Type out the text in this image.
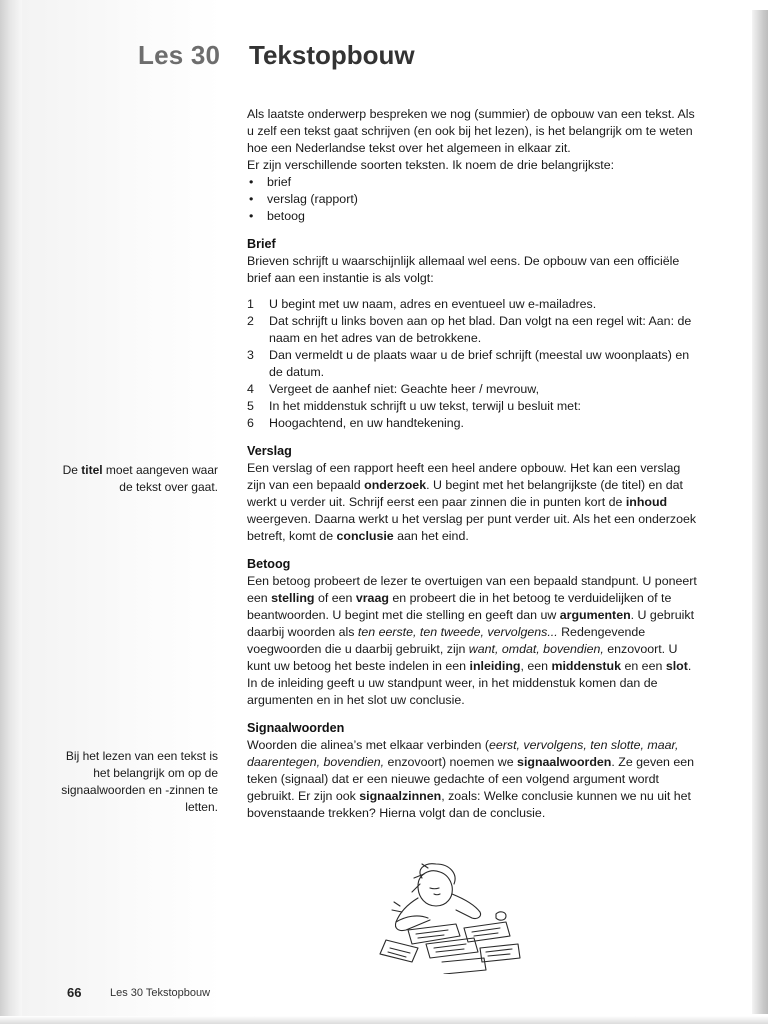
Les 30 Tekstopbouw

Als laatste onderwerp bespreken we nog (summier) de opbouw van een tekst. Als u zelf een tekst gaat schrijven (en ook bij het lezen), is het belangrijk om te weten hoe een Nederlandse tekst over het algemeen in elkaar zit.

Er zijn verschillende soorten teksten. Ik noem de drie belangrijkste:

• brief
• verslag (rapport)
• betoog
Brief

Brieven schrijft u waarschijnlijk allemaal wel eens. De opbouw van een officiële brief aan een instantie is als volgt:

1	U begint met uw naam, adres en eventueel uw e-mailadres.
2	Dat schrijft u links boven aan op het blad. Dan volgt na een regel wit: Aan: de naam en het adres van de betrokkene.
3	Dan vermeldt u de plaats waar u de brief schrijft (meestal uw woonplaats) en de datum.
4	Vergeet de aanhef niet: Geachte heer / mevrouw,
5	In het middenstuk schrijft u uw tekst, terwijl u besluit met:
6	Hoogachtend, en uw handtekening.
Verslag

Een verslag of een rapport heeft een heel andere opbouw. Het kan een verslag zijn van een bepaald onderzoek. U begint met het belangrijkste (de titel) en dat werkt u verder uit. Schrijf eerst een paar zinnen die in punten kort de inhoud weergeven. Daarna werkt u het verslag per punt verder uit. Als het een onderzoek betreft, komt de conclusie aan het eind.

Betoog

Een betoog probeert de lezer te overtuigen van een bepaald standpunt. U poneert een stelling of een vraag en probeert die in het betoog te verduidelijken of te beantwoorden. U begint met die stelling en geeft dan uw argumenten. U gebruikt daarbij woorden als ten eerste, ten tweede, vervolgens... Redengevende voegwoorden die u daarbij gebruikt, zijn want, omdat, bovendien, enzovoort. U kunt uw betoog het beste indelen in een inleiding, een middenstuk en een slot. In de inleiding geeft u uw standpunt weer, in het middenstuk komen dan de argumenten en in het slot uw conclusie.

Signaalwoorden

Woorden die alinea’s met elkaar verbinden (eerst, vervolgens, ten slotte, maar, daarentegen, bovendien, enzovoort) noemen we signaalwoorden. Ze geven een teken (signaal) dat er een nieuwe gedachte of een volgend argument wordt gebruikt. Er zijn ook signaalzinnen, zoals: Welke conclusie kunnen we nu uit het bovenstaande trekken? Hierna volgt dan de conclusie.

De titel moet aangeven waar de tekst over gaat.
Bij het lezen van een tekst is het belangrijk om op de signaalwoorden en -zinnen te letten.
66	Les 30 Tekstopbouw
